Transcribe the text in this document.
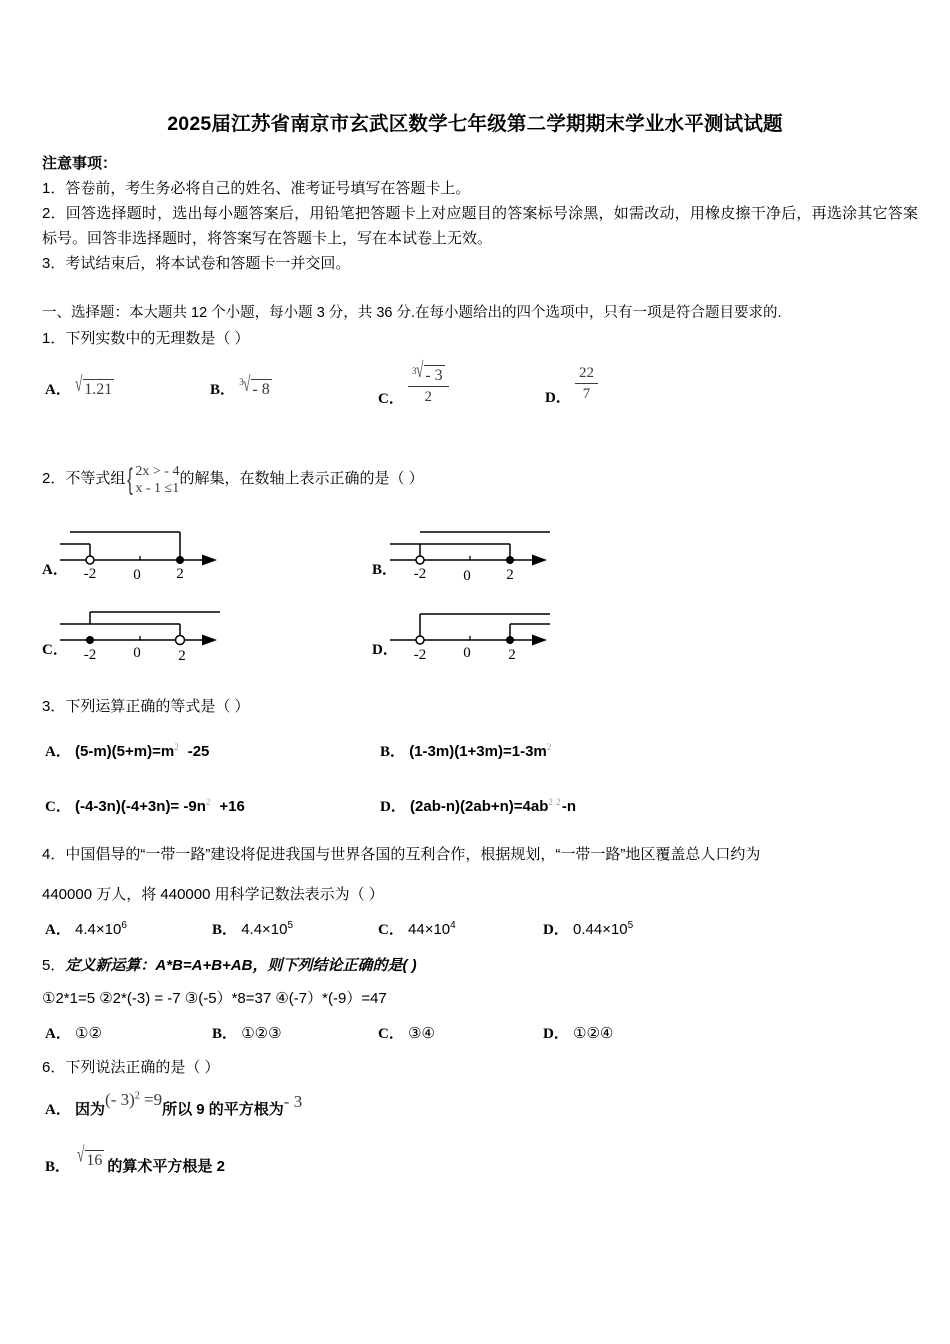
2025届江苏省南京市玄武区数学七年级第二学期期末学业水平测试试题
注意事项：
1．答卷前，考生务必将自己的姓名、准考证号填写在答题卡上。
2．回答选择题时，选出每小题答案后，用铅笔把答题卡上对应题目的答案标号涂黑，如需改动，用橡皮擦干净后，再选涂其它答案标号。回答非选择题时，将答案写在答题卡上，写在本试卷上无效。
3．考试结束后，将本试卷和答题卡一并交回。
一、选择题：本大题共 12 个小题，每小题 3 分，共 36 分.在每小题给出的四个选项中，只有一项是符合题目要求的.
1．下列实数中的无理数是（ ）
A． √ 1.21	B． 3 √ - 8
C． $\frac{3 √ - 3}{2}$	D． $\frac{22}{7}$
2．不等式组{ 2x > - 4
x - 1 ≤1
的解集，在数轴上表示正确的是（ ）
A． -2 0 2	B． -2 0 2
C． -2 0	2	D． -2 0	2
3．下列运算正确的等式是（ ）
A． $(5-m)(5+m)=m^2$ -25	B． $(1-3m)(1+3m)=1-3m^2$
C． $(-4-3n)(-4+3n)= -9n^2 +16$	D． $(2ab-n)(2ab+n)=4ab^2$ $-n^2$
4．中国倡导的“一带一路”建设将促进我国与世界各国的互利合作，根据规划，“一带一路”地区覆盖总人口约为
440000 万人，将 440000 用科学记数法表示为（ ）
A． $4.4\times 10^6$	B． $4.4\times 10^5$	C． $44\times 10^4$	D． $0.44\times 10^5$
5．定义新运算：A*B=A+B+AB，则下列结论正确的是( )
①2*1=5 ②2*(-3) = -7 ③(-5）*8=37 ④(-7）*(-9）=47
A． ①②	B． ①②③	C． ③④	D． ①②④
6．下列说法正确的是（ ）
A． 因为(- 3)$^2$ =9所以 9 的平方根为- 3
B． √ 16 的算术平方根是 2
